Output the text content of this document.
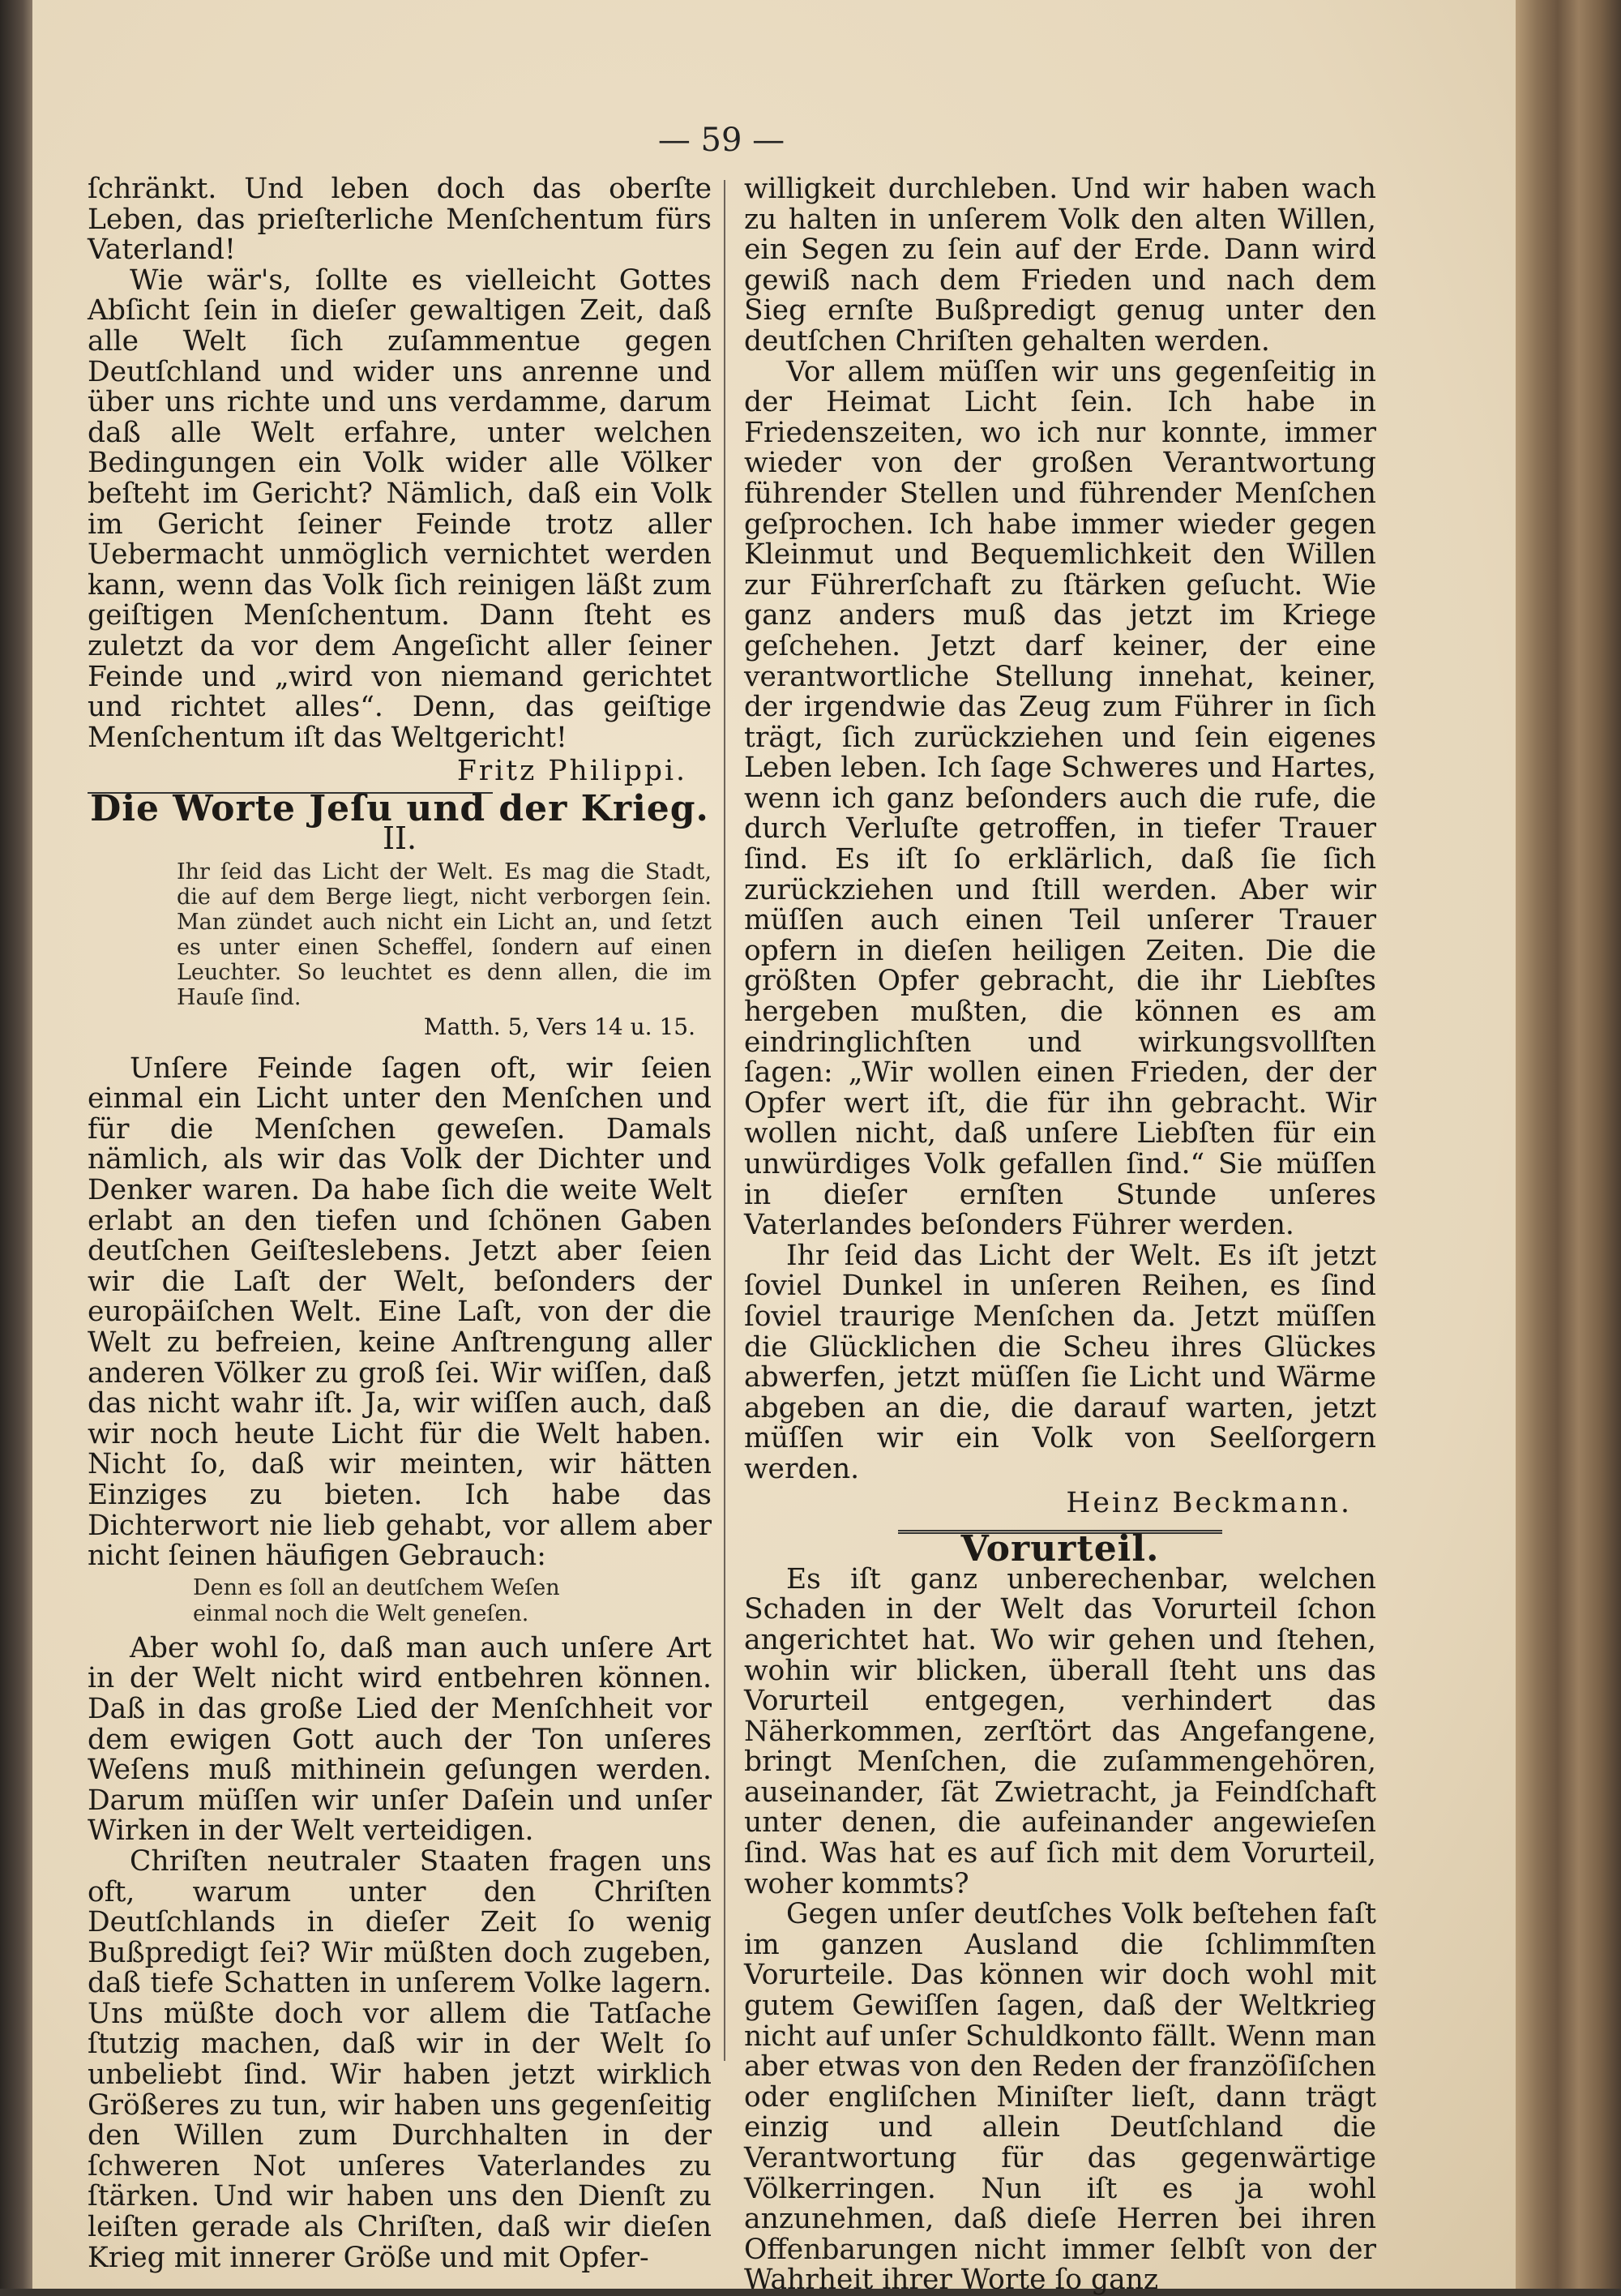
— 59 —

ſchränkt. Und leben doch das oberſte Leben, das prieſterliche Menſchentum fürs Vaterland!

Wie wär's, ſollte es vielleicht Gottes Abſicht ſein in dieſer gewaltigen Zeit, daß alle Welt ſich zuſammentue gegen Deutſchland und wider uns anrenne und über uns richte und uns verdamme, darum daß alle Welt erfahre, unter welchen Bedingungen ein Volk wider alle Völker beſteht im Gericht? Nämlich, daß ein Volk im Gericht ſeiner Feinde trotz aller Uebermacht unmöglich vernichtet werden kann, wenn das Volk ſich reinigen läßt zum geiſtigen Menſchentum. Dann ſteht es zuletzt da vor dem Angeſicht aller ſeiner Feinde und „wird von niemand gerichtet und richtet alles“. Denn, das geiſtige Menſchentum iſt das Weltgericht!

Fritz Philippi.

Die Worte Jeſu und der Krieg.

II.

Ihr ſeid das Licht der Welt. Es mag die Stadt, die auf dem Berge liegt, nicht verborgen ſein. Man zündet auch nicht ein Licht an, und ſetzt es unter einen Scheffel, ſondern auf einen Leuchter. So leuchtet es denn allen, die im Hauſe ſind.

Matth. 5, Vers 14 u. 15.

Unſere Feinde ſagen oft, wir ſeien einmal ein Licht unter den Menſchen und für die Menſchen geweſen. Damals nämlich, als wir das Volk der Dichter und Denker waren. Da habe ſich die weite Welt erlabt an den tiefen und ſchönen Gaben deutſchen Geiſteslebens. Jetzt aber ſeien wir die Laſt der Welt, beſonders der europäiſchen Welt. Eine Laſt, von der die Welt zu befreien, keine Anſtrengung aller anderen Völker zu groß ſei. Wir wiſſen, daß das nicht wahr iſt. Ja, wir wiſſen auch, daß wir noch heute Licht für die Welt haben. Nicht ſo, daß wir meinten, wir hätten Einziges zu bieten. Ich habe das Dichterwort nie lieb gehabt, vor allem aber nicht ſeinen häufigen Gebrauch:

Denn es ſoll an deutſchem Weſen
einmal noch die Welt geneſen.

Aber wohl ſo, daß man auch unſere Art in der Welt nicht wird entbehren können. Daß in das große Lied der Menſchheit vor dem ewigen Gott auch der Ton unſeres Weſens muß mithinein geſungen werden. Darum müſſen wir unſer Daſein und unſer Wirken in der Welt verteidigen.

Chriſten neutraler Staaten fragen uns oft, warum unter den Chriſten Deutſchlands in dieſer Zeit ſo wenig Bußpredigt ſei? Wir müßten doch zugeben, daß tiefe Schatten in unſerem Volke lagern. Uns müßte doch vor allem die Tatſache ſtutzig machen, daß wir in der Welt ſo unbeliebt ſind. Wir haben jetzt wirklich Größeres zu tun, wir haben uns gegenſeitig den Willen zum Durchhalten in der ſchweren Not unſeres Vaterlandes zu ſtärken. Und wir haben uns den Dienſt zu leiſten gerade als Chriſten, daß wir dieſen Krieg mit innerer Größe und mit Opfer-

willigkeit durchleben. Und wir haben wach zu halten in unſerem Volk den alten Willen, ein Segen zu ſein auf der Erde. Dann wird gewiß nach dem Frieden und nach dem Sieg ernſte Bußpredigt genug unter den deutſchen Chriſten gehalten werden.

Vor allem müſſen wir uns gegenſeitig in der Heimat Licht ſein. Ich habe in Friedenszeiten, wo ich nur konnte, immer wieder von der großen Verantwortung führender Stellen und führender Menſchen geſprochen. Ich habe immer wieder gegen Kleinmut und Bequemlichkeit den Willen zur Führerſchaft zu ſtärken geſucht. Wie ganz anders muß das jetzt im Kriege geſchehen. Jetzt darf keiner, der eine verantwortliche Stellung innehat, keiner, der irgendwie das Zeug zum Führer in ſich trägt, ſich zurückziehen und ſein eigenes Leben leben. Ich ſage Schweres und Hartes, wenn ich ganz beſonders auch die rufe, die durch Verluſte getroffen, in tiefer Trauer ſind. Es iſt ſo erklärlich, daß ſie ſich zurückziehen und ſtill werden. Aber wir müſſen auch einen Teil unſerer Trauer opfern in dieſen heiligen Zeiten. Die die größten Opfer gebracht, die ihr Liebſtes hergeben mußten, die können es am eindringlichſten und wirkungsvollſten ſagen: „Wir wollen einen Frieden, der der Opfer wert iſt, die für ihn gebracht. Wir wollen nicht, daß unſere Liebſten für ein unwürdiges Volk gefallen ſind.“ Sie müſſen in dieſer ernſten Stunde unſeres Vaterlandes beſonders Führer werden.

Ihr ſeid das Licht der Welt. Es iſt jetzt ſoviel Dunkel in unſeren Reihen, es ſind ſoviel traurige Menſchen da. Jetzt müſſen die Glücklichen die Scheu ihres Glückes abwerfen, jetzt müſſen ſie Licht und Wärme abgeben an die, die darauf warten, jetzt müſſen wir ein Volk von Seelſorgern werden.

Heinz Beckmann.

Vorurteil.

Es iſt ganz unberechenbar, welchen Schaden in der Welt das Vorurteil ſchon angerichtet hat. Wo wir gehen und ſtehen, wohin wir blicken, überall ſteht uns das Vorurteil entgegen, verhindert das Näherkommen, zerſtört das Angefangene, bringt Menſchen, die zuſammengehören, auseinander, ſät Zwietracht, ja Feindſchaft unter denen, die aufeinander angewieſen ſind. Was hat es auf ſich mit dem Vorurteil, woher kommts?

Gegen unſer deutſches Volk beſtehen faſt im ganzen Ausland die ſchlimmſten Vorurteile. Das können wir doch wohl mit gutem Gewiſſen ſagen, daß der Weltkrieg nicht auf unſer Schuldkonto fällt. Wenn man aber etwas von den Reden der franzöſiſchen oder engliſchen Miniſter lieſt, dann trägt einzig und allein Deutſchland die Verantwortung für das gegenwärtige Völkerringen. Nun iſt es ja wohl anzunehmen, daß dieſe Herren bei ihren Offenbarungen nicht immer ſelbſt von der Wahrheit ihrer Worte ſo ganz
